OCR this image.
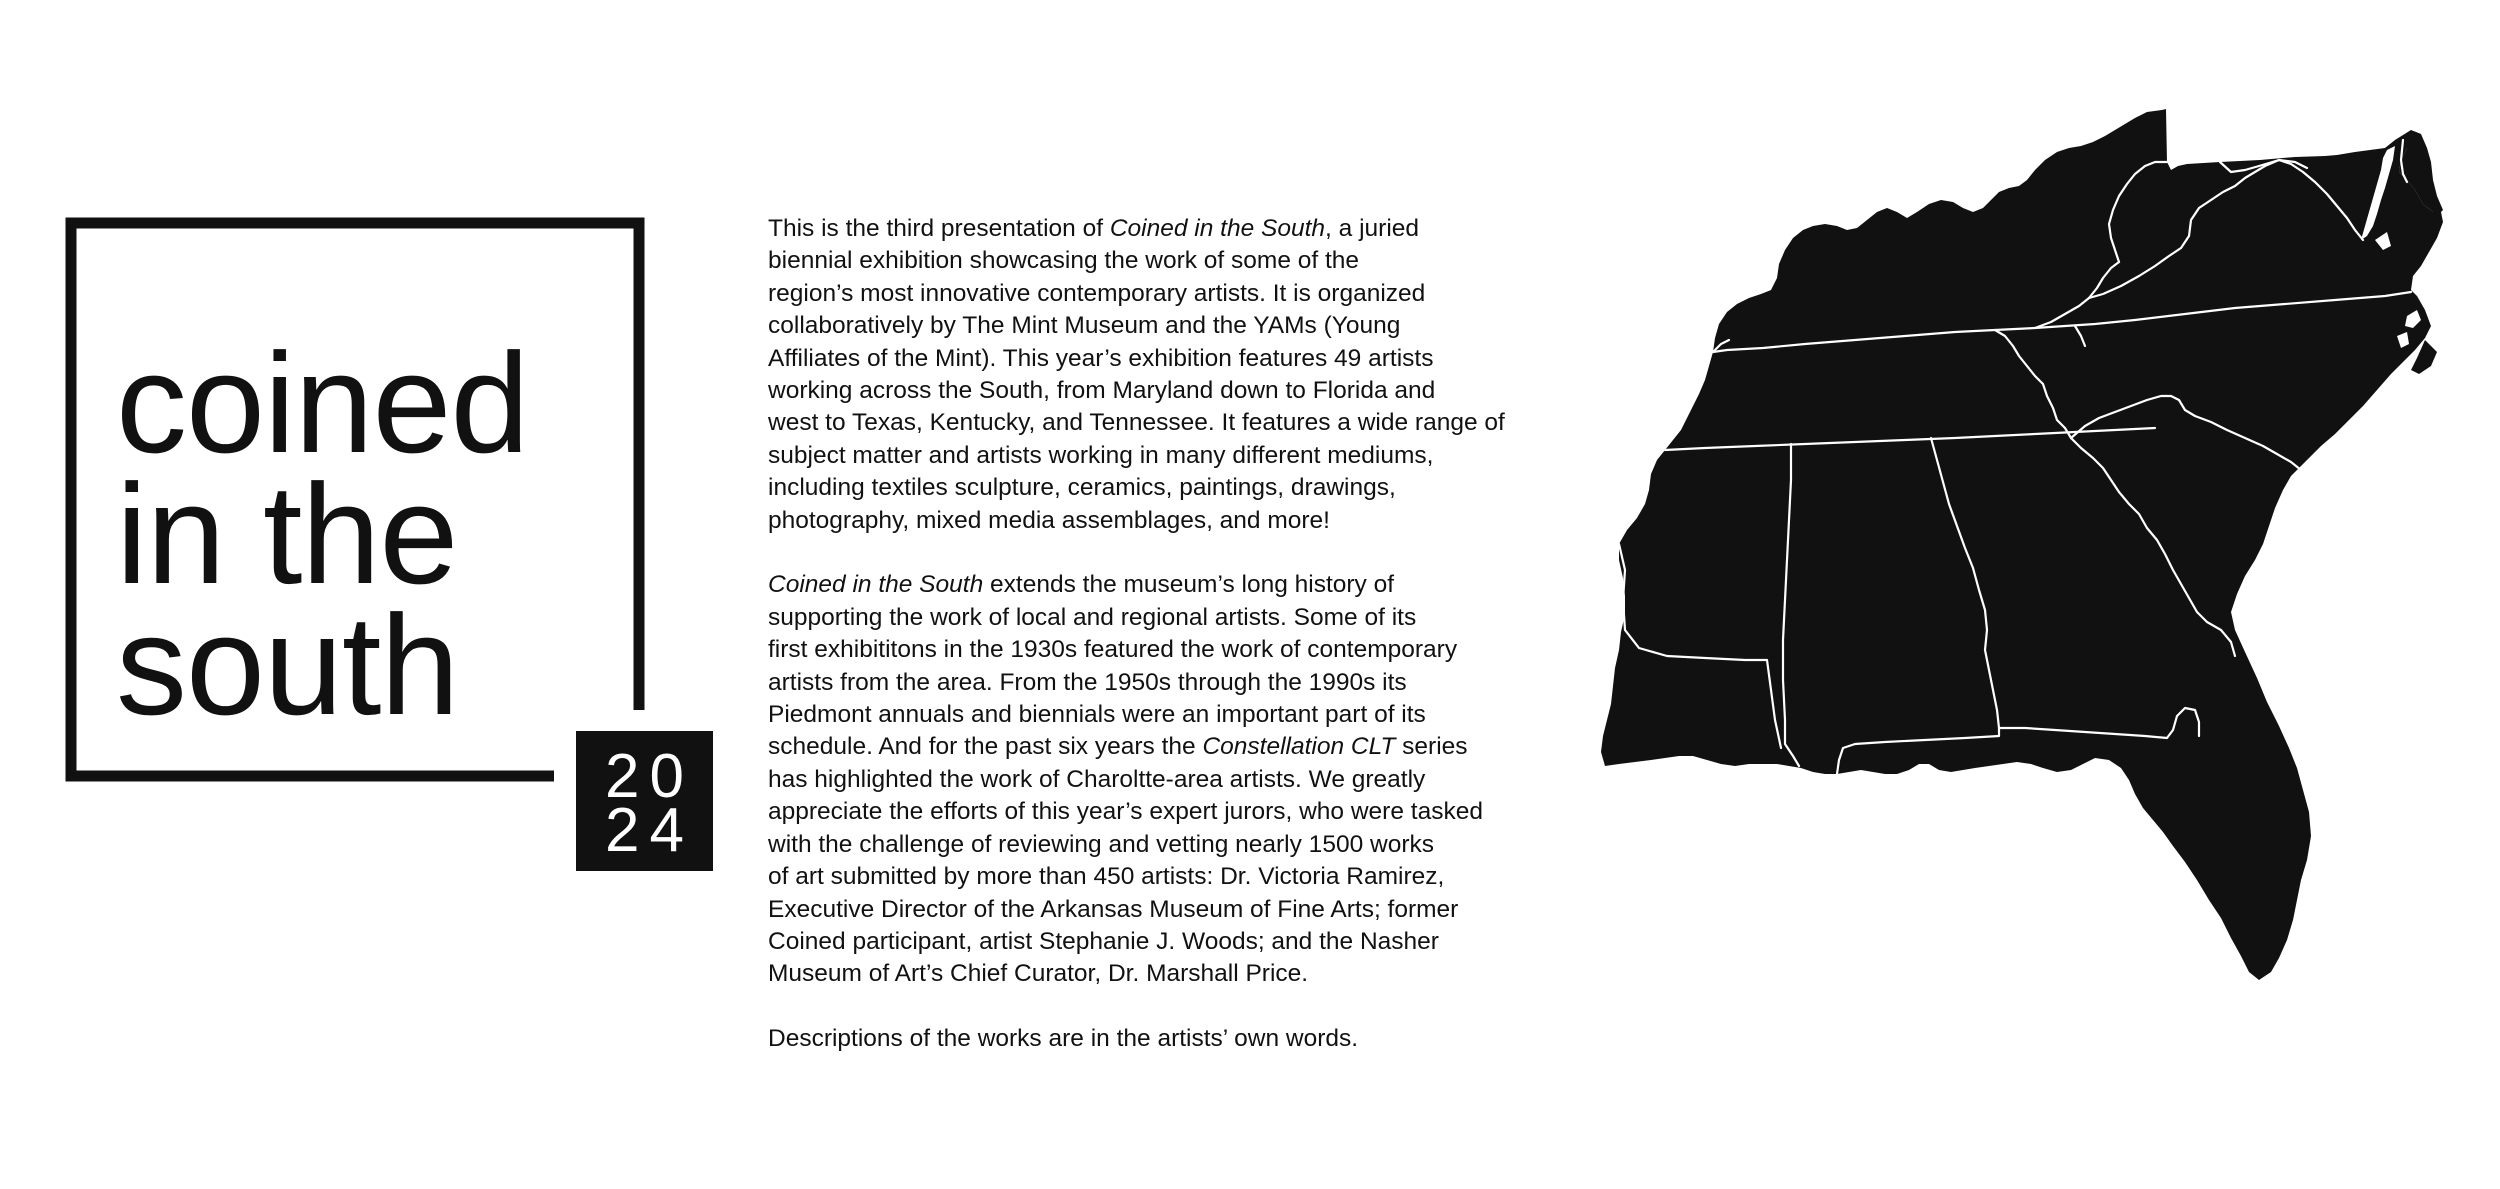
coined
in the
south
20
24

This is the third presentation of Coined in the South, a juried
biennial exhibition showcasing the work of some of the
region’s most innovative contemporary artists. It is organized
collaboratively by The Mint Museum and the YAMs (Young
Affiliates of the Mint). This year’s exhibition features 49 artists
working across the South, from Maryland down to Florida and
west to Texas, Kentucky, and Tennessee. It features a wide range of
subject matter and artists working in many different mediums,
including textiles sculpture, ceramics, paintings, drawings,
photography, mixed media assemblages, and more!

Coined in the South extends the museum’s long history of
supporting the work of local and regional artists. Some of its
first exhibititons in the 1930s featured the work of contemporary
artists from the area. From the 1950s through the 1990s its
Piedmont annuals and biennials were an important part of its
schedule. And for the past six years the Constellation CLT series
has highlighted the work of Charoltte-area artists. We greatly
appreciate the efforts of this year’s expert jurors, who were tasked
with the challenge of reviewing and vetting nearly 1500 works
of art submitted by more than 450 artists: Dr. Victoria Ramirez,
Executive Director of the Arkansas Museum of Fine Arts; former
Coined participant, artist Stephanie J. Woods; and the Nasher
Museum of Art’s Chief Curator, Dr. Marshall Price.

Descriptions of the works are in the artists’ own words.
